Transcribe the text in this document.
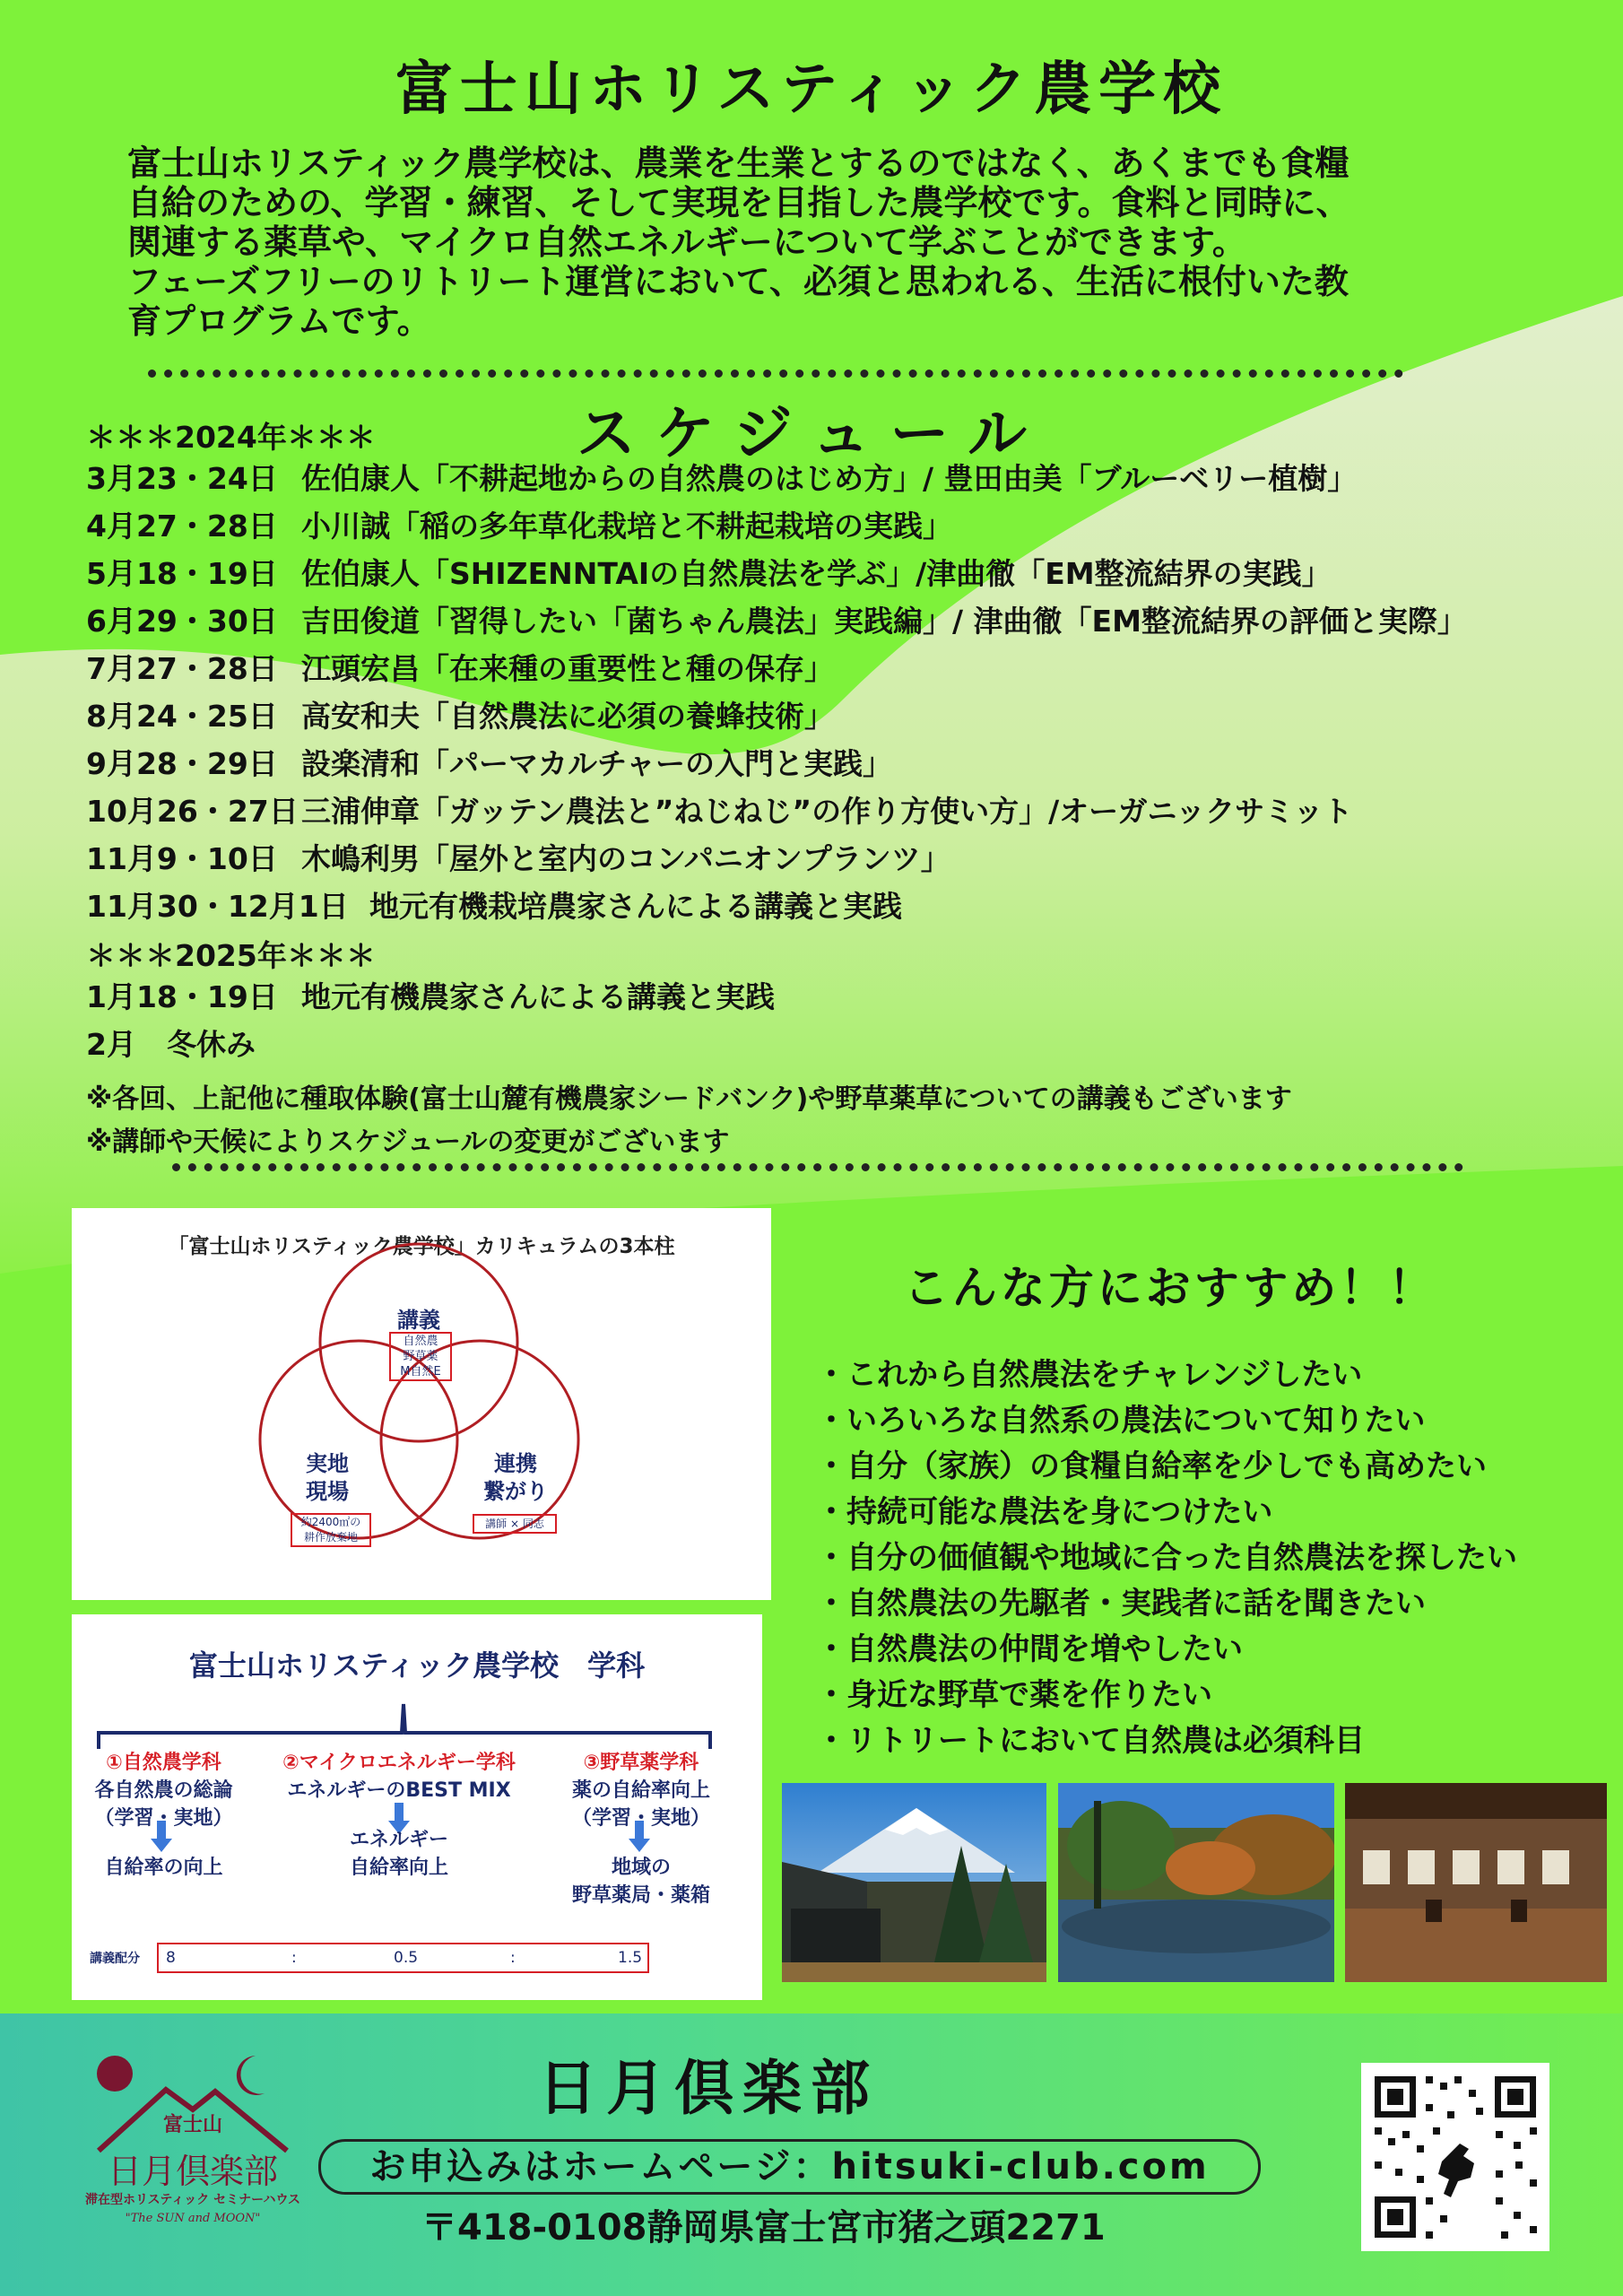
富士山ホリスティック農学校
富士山ホリスティック農学校は、農業を生業とするのではなく、あくまでも食糧
自給のための、学習・練習、そして実現を目指した農学校です。食料と同時に、
関連する薬草や、マイクロ自然エネルギーについて学ぶことができます。
フェーズフリーのリトリート運営において、必須と思われる、生活に根付いた教
育プログラムです。
スケジュール
＊＊＊2024年＊＊＊
3月23・24日 佐伯康人「不耕起地からの自然農のはじめ方」/ 豊田由美「ブルーベリー植樹」
4月27・28日 小川誠「稲の多年草化栽培と不耕起栽培の実践」
5月18・19日 佐伯康人「SHIZENNTAIの自然農法を学ぶ」/津曲徹「EM整流結界の実践」
6月29・30日 吉田俊道「習得したい「菌ちゃん農法」実践編」/ 津曲徹「EM整流結界の評価と実際」
7月27・28日 江頭宏昌「在来種の重要性と種の保存」
8月24・25日 高安和夫「自然農法に必須の養蜂技術」
9月28・29日 設楽清和「パーマカルチャーの入門と実践」
10月26・27日三浦伸章「ガッテン農法と”ねじねじ”の作り方使い方」/オーガニックサミット
11月9・10日 木嶋利男「屋外と室内のコンパニオンプランツ」
11月30・12月1日 地元有機栽培農家さんによる講義と実践
＊＊＊2025年＊＊＊
1月18・19日 地元有機農家さんによる講義と実践
2月 冬休み
※各回、上記他に種取体験(富士山麓有機農家シードバンク)や野草薬草についての講義もございます
※講師や天候によりスケジュールの変更がございます
「富士山ホリスティック農学校」カリキュラムの3本柱
講義
自然農
野草薬
M自然E
実地
現場
約2400㎡の
耕作放棄地
連携
繋がり
講師 × 同志
富士山ホリスティック農学校　学科
①自然農学科
各自然農の総論
（学習・実地）
自給率の向上
②マイクロエネルギー学科
エネルギーのBEST MIX
エネルギー
自給率向上
③野草薬学科
薬の自給率向上
（学習・実地）
地域の
野草薬局・薬箱
講義配分 8	:	0.5	:	1.5
こんな方におすすめ！！
・これから自然農法をチャレンジしたい
・いろいろな自然系の農法について知りたい
・自分（家族）の食糧自給率を少しでも高めたい
・持続可能な農法を身につけたい
・自分の価値観や地域に合った自然農法を探したい
・自然農法の先駆者・実践者に話を聞きたい
・自然農法の仲間を増やしたい
・身近な野草で薬を作りたい
・リトリートにおいて自然農は必須科目
富士山
日月倶楽部
滞在型ホリスティック セミナーハウス
"The SUN and MOON"
日月倶楽部
お申込みはホームページ：hitsuki-club.com
〒418-0108静岡県富士宮市猪之頭2271
